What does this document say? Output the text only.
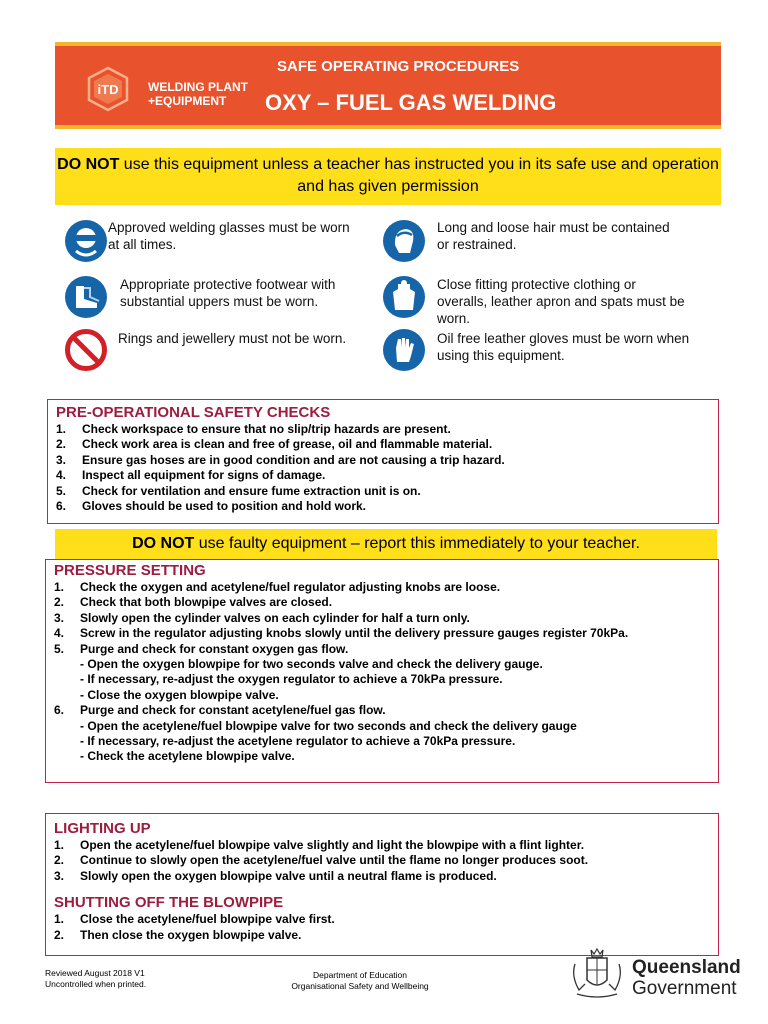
iTD WELDING PLANT
+EQUIPMENT
SAFE OPERATING PROCEDURES
OXY – FUEL GAS WELDING
DO NOT use this equipment unless a teacher has instructed you in its safe use and operation and has given permission
Approved welding glasses must be worn at all times.
Long and loose hair must be contained or restrained.
Appropriate protective footwear with substantial uppers must be worn.
Close fitting protective clothing or overalls, leather apron and spats must be worn.
Rings and jewellery must not be worn.	Oil free leather gloves must be worn when using this equipment.
PRE-OPERATIONAL SAFETY CHECKS
1. Check workspace to ensure that no slip/trip hazards are present.
2. Check work area is clean and free of grease, oil and flammable material.
3. Ensure gas hoses are in good condition and are not causing a trip hazard.
4. Inspect all equipment for signs of damage.
5. Check for ventilation and ensure fume extraction unit is on.
6. Gloves should be used to position and hold work.
DO NOT use faulty equipment – report this immediately to your teacher.
PRESSURE SETTING
1. Check the oxygen and acetylene/fuel regulator adjusting knobs are loose.
2. Check that both blowpipe valves are closed.
3. Slowly open the cylinder valves on each cylinder for half a turn only.
4. Screw in the regulator adjusting knobs slowly until the delivery pressure gauges register 70kPa.
5. Purge and check for constant oxygen gas flow.
- Open the oxygen blowpipe for two seconds valve and check the delivery gauge.
- If necessary, re-adjust the oxygen regulator to achieve a 70kPa pressure.
- Close the oxygen blowpipe valve.
6. Purge and check for constant acetylene/fuel gas flow.
- Open the acetylene/fuel blowpipe valve for two seconds and check the delivery gauge
- If necessary, re-adjust the acetylene regulator to achieve a 70kPa pressure.
- Check the acetylene blowpipe valve.
LIGHTING UP
1. Open the acetylene/fuel blowpipe valve slightly and light the blowpipe with a flint lighter.
2. Continue to slowly open the acetylene/fuel valve until the flame no longer produces soot.
3. Slowly open the oxygen blowpipe valve until a neutral flame is produced.
SHUTTING OFF THE BLOWPIPE
1. Close the acetylene/fuel blowpipe valve first.
2. Then close the oxygen blowpipe valve.
Reviewed August 2018 V1
Uncontrolled when printed.
Department of Education
Organisational Safety and Wellbeing
Queensland
Government
